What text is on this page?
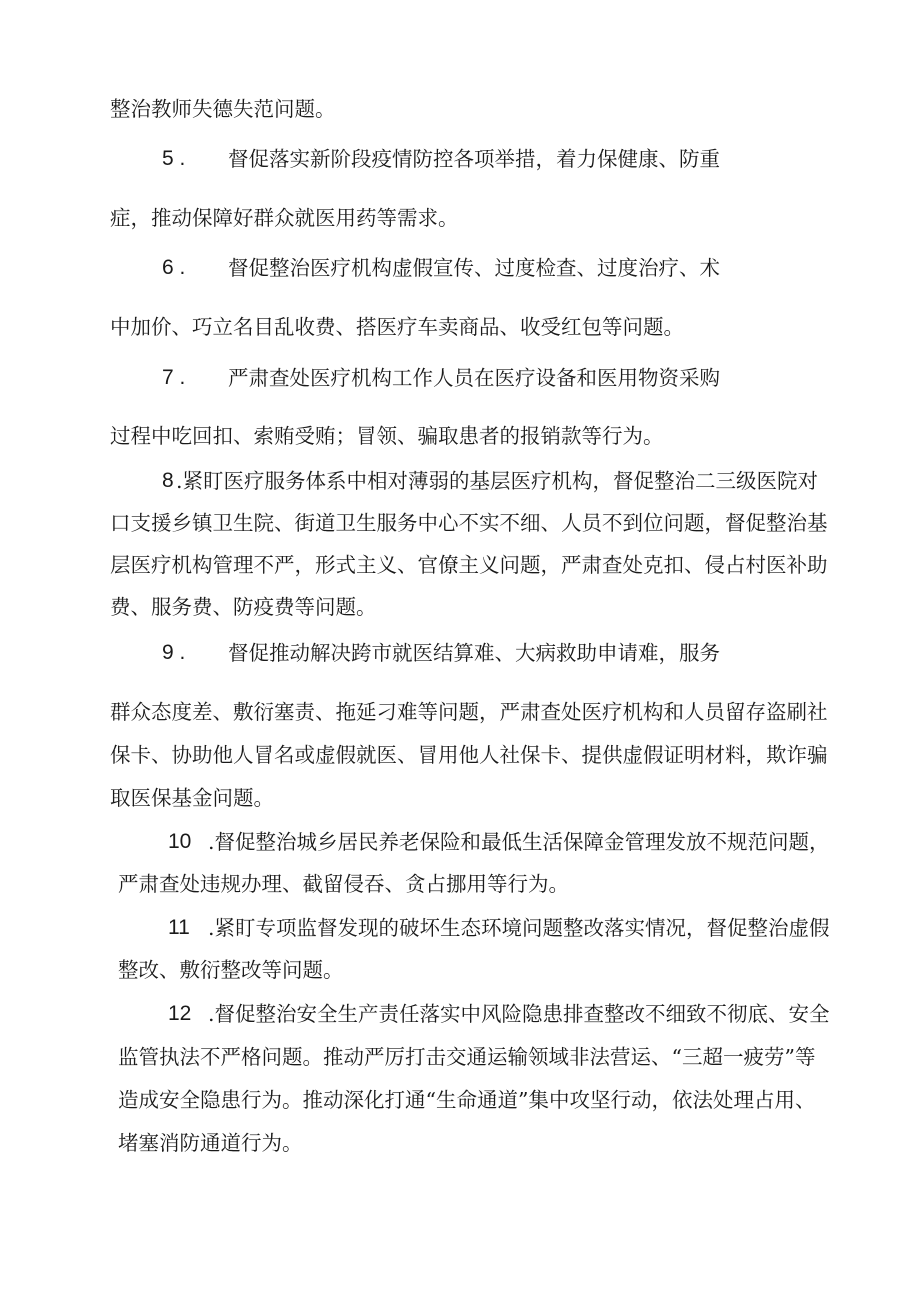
整治教师失德失范问题。

5 . 督促落实新阶段疫情防控各项举措，着力保健康、防重

症，推动保障好群众就医用药等需求。

6 . 督促整治医疗机构虚假宣传、过度检查、过度治疗、术

中加价、巧立名目乱收费、搭医疗车卖商品、收受红包等问题。

7 . 严肃查处医疗机构工作人员在医疗设备和医用物资采购

过程中吃回扣、索贿受贿；冒领、骗取患者的报销款等行为。

8 .紧盯医疗服务体系中相对薄弱的基层医疗机构，督促整治二三级医院对

口支援乡镇卫生院、街道卫生服务中心不实不细、人员不到位问题，督促整治基

层医疗机构管理不严，形式主义、官僚主义问题，严肃查处克扣、侵占村医补助

费、服务费、防疫费等问题。

9 . 督促推动解决跨市就医结算难、大病救助申请难，服务

群众态度差、敷衍塞责、拖延刁难等问题，严肃查处医疗机构和人员留存盗刷社

保卡、协助他人冒名或虚假就医、冒用他人社保卡、提供虚假证明材料，欺诈骗

取医保基金问题。

10 .督促整治城乡居民养老保险和最低生活保障金管理发放不规范问题，

严肃查处违规办理、截留侵吞、贪占挪用等行为。

11 .紧盯专项监督发现的破坏生态环境问题整改落实情况，督促整治虚假

整改、敷衍整改等问题。

12 .督促整治安全生产责任落实中风险隐患排查整改不细致不彻底、安全

监管执法不严格问题。推动严厉打击交通运输领域非法营运、“三超一疲劳”等

造成安全隐患行为。推动深化打通“生命通道”集中攻坚行动，依法处理占用、

堵塞消防通道行为。
